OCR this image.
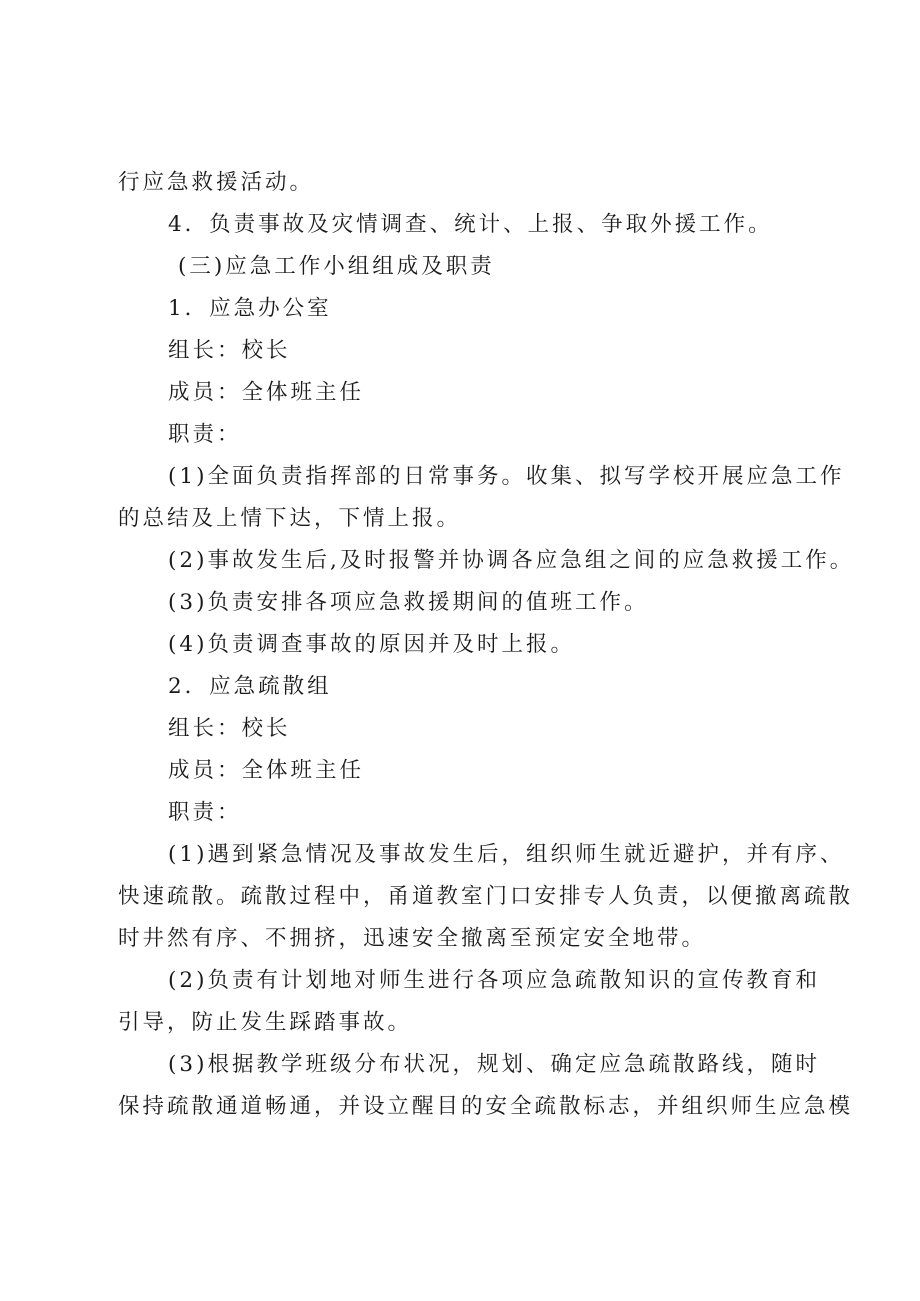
行应急救援活动。

4．负责事故及灾情调查、统计、上报、争取外援工作。

(三)应急工作小组组成及职责

1．应急办公室

组长：校长

成员：全体班主任

职责：

(1)全面负责指挥部的日常事务。收集、拟写学校开展应急工作

的总结及上情下达，下情上报。

(2)事故发生后,及时报警并协调各应急组之间的应急救援工作。

(3)负责安排各项应急救援期间的值班工作。

(4)负责调查事故的原因并及时上报。

2．应急疏散组

组长：校长

成员：全体班主任

职责：

(1)遇到紧急情况及事故发生后，组织师生就近避护，并有序、

快速疏散。疏散过程中，甬道教室门口安排专人负责，以便撤离疏散

时井然有序、不拥挤，迅速安全撤离至预定安全地带。

(2)负责有计划地对师生进行各项应急疏散知识的宣传教育和

引导，防止发生踩踏事故。

(3)根据教学班级分布状况，规划、确定应急疏散路线，随时

保持疏散通道畅通，并设立醒目的安全疏散标志，并组织师生应急模
